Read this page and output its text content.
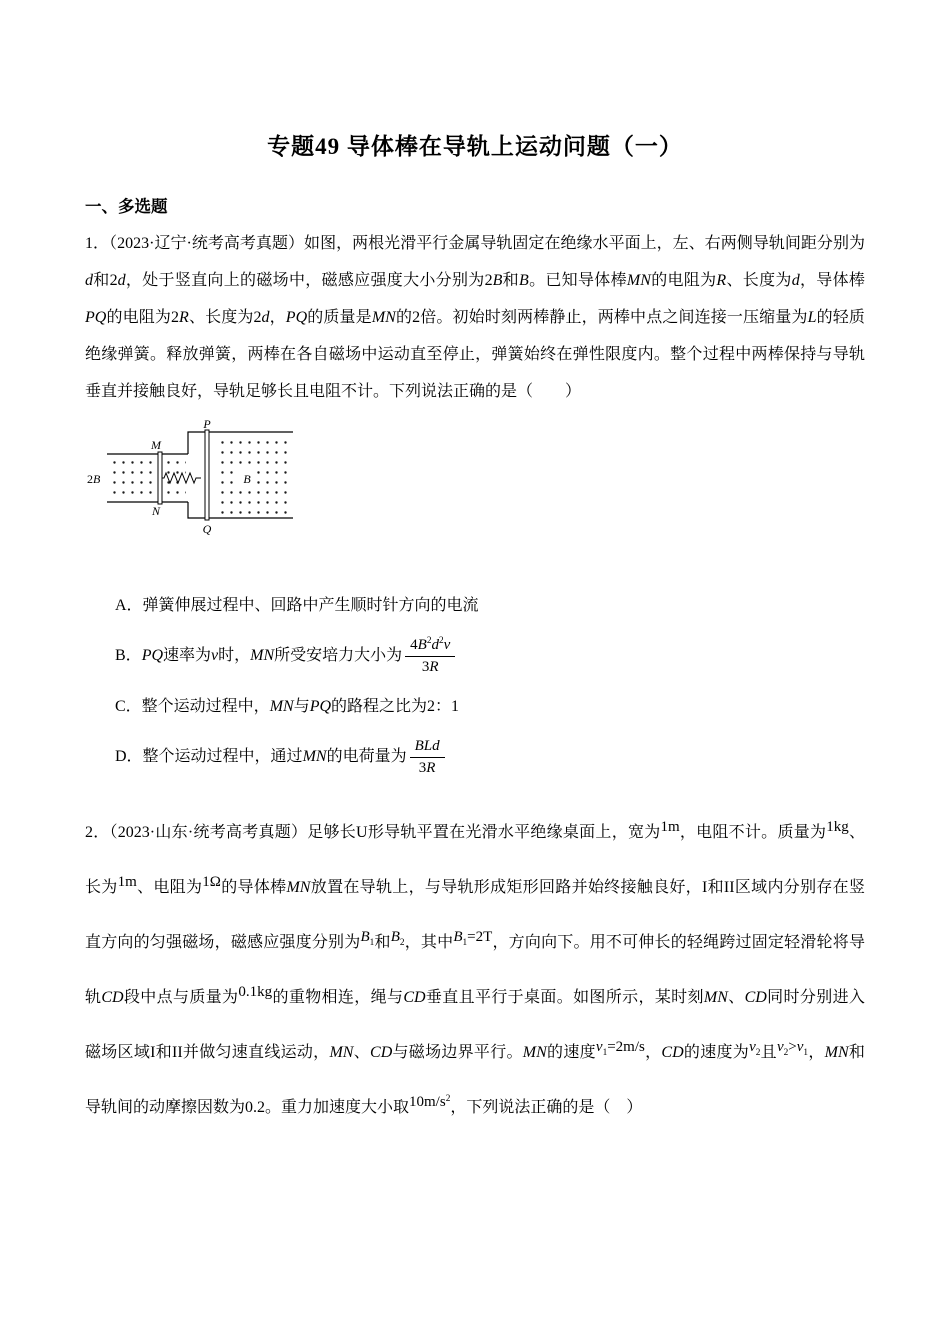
专题49 导体棒在导轨上运动问题（一）
一、多选题
1．（2023·辽宁·统考高考真题）如图，两根光滑平行金属导轨固定在绝缘水平面上，左、右两侧导轨间距分别为d和2d，处于竖直向上的磁场中，磁感应强度大小分别为2B和B。已知导体棒MN的电阻为R、长度为d，导体棒PQ的电阻为2R、长度为2d，PQ的质量是MN的2倍。初始时刻两棒静止，两棒中点之间连接一压缩量为L的轻质绝缘弹簧。释放弹簧，两棒在各自磁场中运动直至停止，弹簧始终在弹性限度内。整个过程中两棒保持与导轨垂直并接触良好，导轨足够长且电阻不计。下列说法正确的是（　　）
P
M
N
Q
2B	B
A．弹簧伸展过程中、回路中产生顺时针方向的电流
B．PQ速率为v时，MN所受安培力大小为 $\frac{4B^2d^2v}{3R}$
C．整个运动过程中，MN与PQ的路程之比为2：1
D．整个运动过程中，通过MN的电荷量为 $\frac{\text{BLd}}{3R}$
2．（2023·山东·统考高考真题）足够长U形导轨平置在光滑水平绝缘桌面上，宽为1m，电阻不计。质量为1kg、长为1m、电阻为1Ω的导体棒MN放置在导轨上，与导轨形成矩形回路并始终接触良好，I和II区域内分别存在竖直方向的匀强磁场，磁感应强度分别为$B_1$和$B_2$，其中$B_1=2T$，方向向下。用不可伸长的轻绳跨过固定轻滑轮将导轨CD段中点与质量为0.1kg的重物相连，绳与CD垂直且平行于桌面。如图所示，某时刻MN、CD同时分别进入磁场区域I和II并做匀速直线运动，MN、CD与磁场边界平行。MN的速度$v_1=2m/s$，CD的速度为$v_2$且$v_2>v_1$，MN和导轨间的动摩擦因数为0.2。重力加速度大小取$10m/s^2$，下列说法正确的是（　）
